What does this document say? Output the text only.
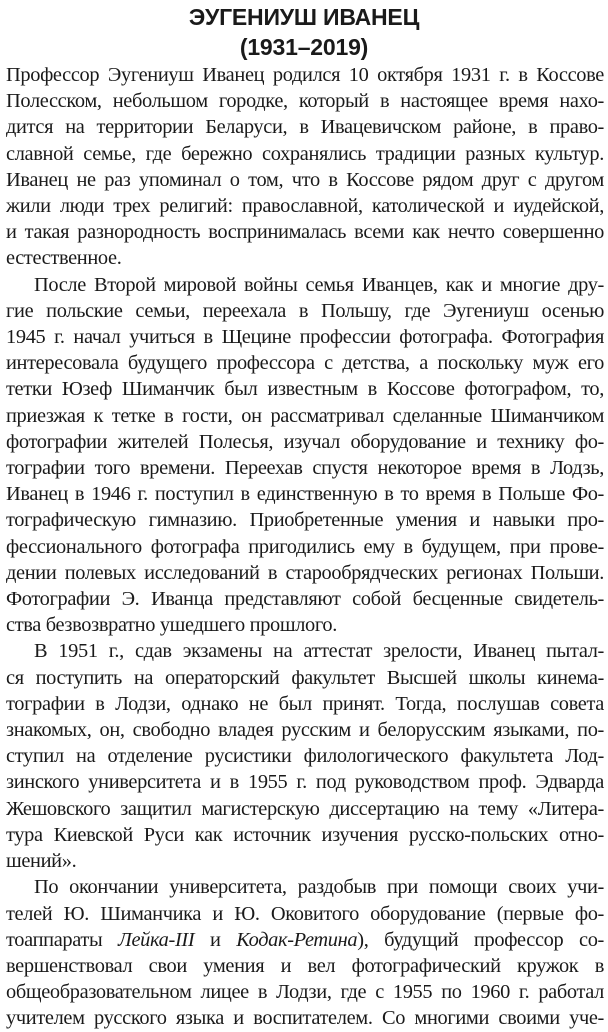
ЭУГЕНИУШ ИВАНЕЦ
(1931–2019)
Профессор Эугениуш Иванец родился 10 октября 1931 г. в Коссове
Полесском, небольшом городке, который в настоящее время нахо-
дится на территории Беларуси, в Ивацевичском районе, в право-
славной семье, где бережно сохранялись традиции разных культур.
Иванец не раз упоминал о том, что в Коссове рядом друг с другом
жили люди трех религий: православной, католической и иудейской,
и такая разнородность воспринималась всеми как нечто совершенно
естественное.
После Второй мировой войны семья Иванцев, как и многие дру-
гие польские семьи, переехала в Польшу, где Эугениуш осенью
1945 г. начал учиться в Щецине профессии фотографа. Фотография
интересовала будущего профессора с детства, а поскольку муж его
тетки Юзеф Шиманчик был известным в Коссове фотографом, то,
приезжая к тетке в гости, он рассматривал сделанные Шиманчиком
фотографии жителей Полесья, изучал оборудование и технику фо-
тографии того времени. Переехав спустя некоторое время в Лодзь,
Иванец в 1946 г. поступил в единственную в то время в Польше Фо-
тографическую гимназию. Приобретенные умения и навыки про-
фессионального фотографа пригодились ему в будущем, при прове-
дении полевых исследований в старообрядческих регионах Польши.
Фотографии Э. Иванца представляют собой бесценные свидетель-
ства безвозвратно ушедшего прошлого.
В 1951 г., сдав экзамены на аттестат зрелости, Иванец пытал-
ся поступить на операторский факультет Высшей школы кинема-
тографии в Лодзи, однако не был принят. Тогда, послушав совета
знакомых, он, свободно владея русским и белорусским языками, по-
ступил на отделение русистики филологического факультета Лод-
зинского университета и в 1955 г. под руководством проф. Эдварда
Жешовского защитил магистерскую диссертацию на тему «Литера-
тура Киевской Руси как источник изучения русско-польских отно-
шений».
По окончании университета, раздобыв при помощи своих учи-
телей Ю. Шиманчика и Ю. Оковитого оборудование (первые фо-
тоаппараты Лейка-III и Кодак-Ретина), будущий профессор со-
вершенствовал свои умения и вел фотографический кружок в
общеобразовательном лицее в Лодзи, где с 1955 по 1960 г. работал
учителем русского языка и воспитателем. Со многими своими уче-
